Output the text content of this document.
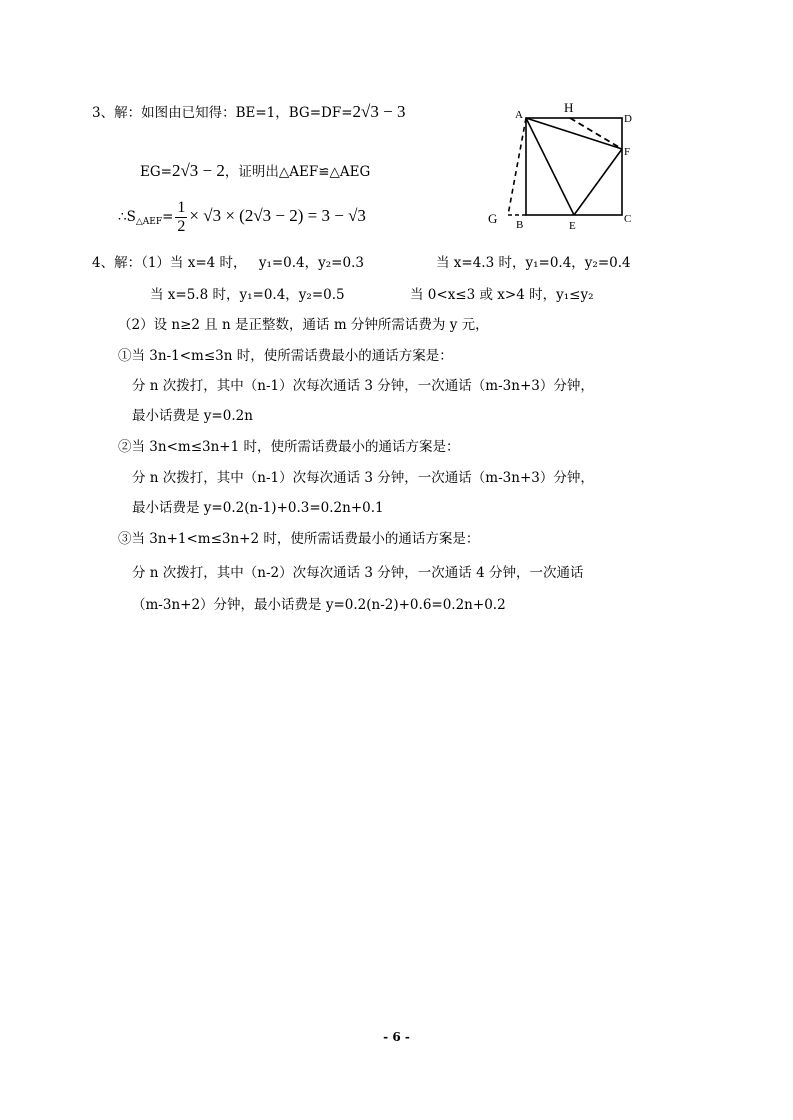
3、解：如图由已知得：BE=1，BG=DF=2√3 − 3
EG=2√3 − 2，证明出△AEF≌△AEG
$\therefore S_{\triangle AEF}= \frac{1}{2} \times √3 \times (2√3 - 2) = 3 - √3$
A	H
D
F
G B	E
C
4、解：（1）当 x=4 时， y₁=0.4，y₂=0.3	当 x=4.3 时，y₁=0.4，y₂=0.4
当 x=5.8 时，y₁=0.4，y₂=0.5	当 0<x≤3 或 x>4 时，y₁≤y₂
（2）设 n≥2 且 n 是正整数，通话 m 分钟所需话费为 y 元，
①当 3n-1<m≤3n 时，使所需话费最小的通话方案是：
分 n 次拨打，其中（n-1）次每次通话 3 分钟，一次通话（m-3n+3）分钟，
最小话费是 y=0.2n
②当 3n<m≤3n+1 时，使所需话费最小的通话方案是：
分 n 次拨打，其中（n-1）次每次通话 3 分钟，一次通话（m-3n+3）分钟，
最小话费是 y=0.2(n-1)+0.3=0.2n+0.1
③当 3n+1<m≤3n+2 时，使所需话费最小的通话方案是：
分 n 次拨打，其中（n-2）次每次通话 3 分钟，一次通话 4 分钟，一次通话
（m-3n+2）分钟，最小话费是 y=0.2(n-2)+0.6=0.2n+0.2
- 6 -
